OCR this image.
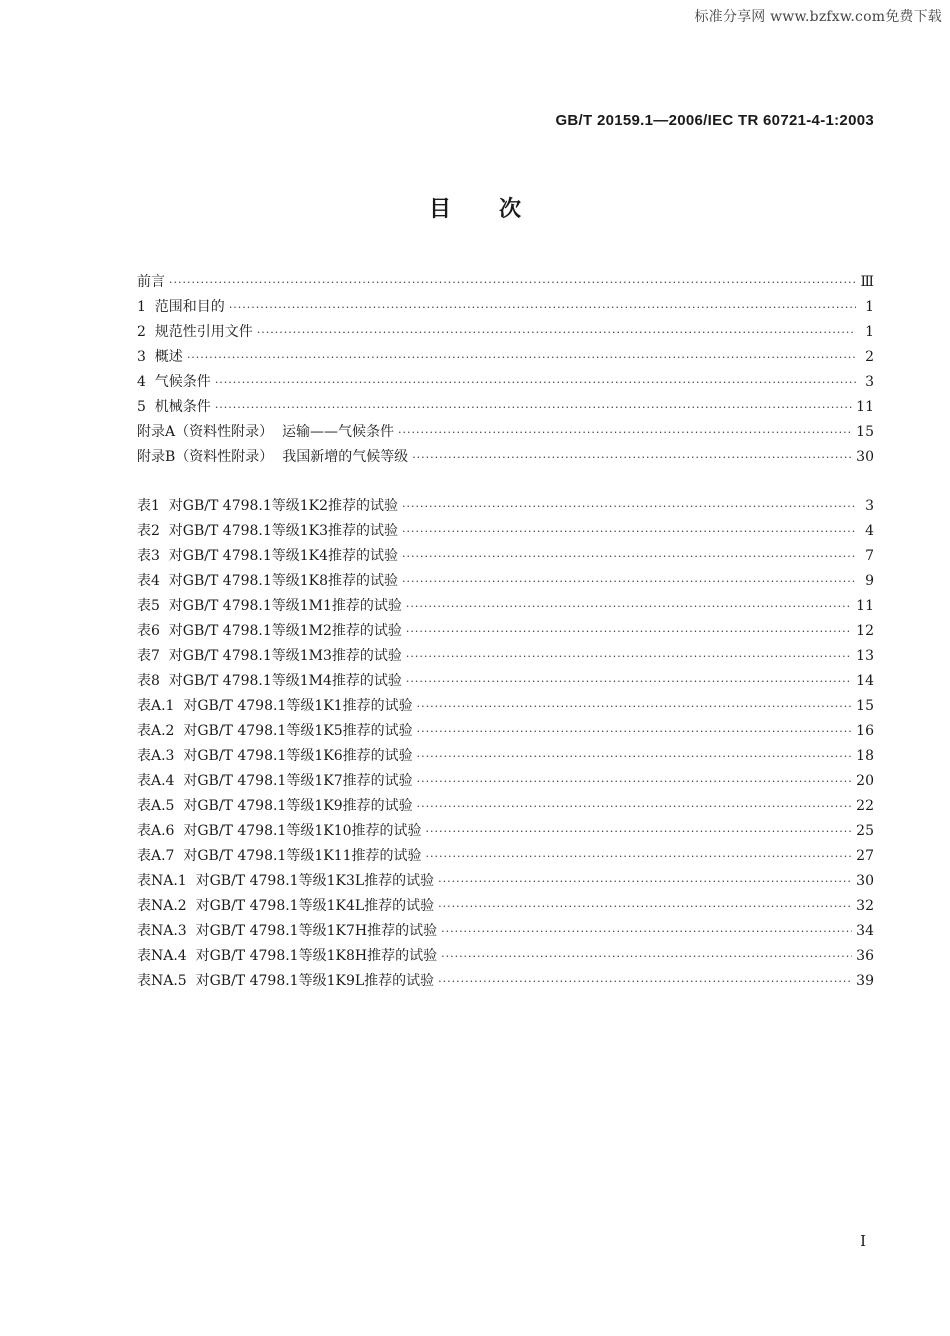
标准分享网 www.bzfxw.com免费下载
GB/T 20159.1—2006/IEC TR 60721-4-1:2003
目次
前言 ·····	Ⅲ
1  范围和目的 ·····	1
2  规范性引用文件 ·····	1
3  概述 ·····	2
4  气候条件 ·····	3
5  机械条件 ·····	11
附录A（资料性附录）  运输——气候条件 ·····	15
附录B（资料性附录）  我国新增的气候等级 ·····	30
表1  对GB/T 4798.1等级1K2推荐的试验 ·····	3
表2  对GB/T 4798.1等级1K3推荐的试验 ·····	4
表3  对GB/T 4798.1等级1K4推荐的试验 ·····	7
表4  对GB/T 4798.1等级1K8推荐的试验 ·····	9
表5  对GB/T 4798.1等级1M1推荐的试验 ·····	11
表6  对GB/T 4798.1等级1M2推荐的试验 ·····	12
表7  对GB/T 4798.1等级1M3推荐的试验 ·····	13
表8  对GB/T 4798.1等级1M4推荐的试验 ·····	14
表A.1  对GB/T 4798.1等级1K1推荐的试验 ·····	15
表A.2  对GB/T 4798.1等级1K5推荐的试验 ·····	16
表A.3  对GB/T 4798.1等级1K6推荐的试验 ·····	18
表A.4  对GB/T 4798.1等级1K7推荐的试验 ·····	20
表A.5  对GB/T 4798.1等级1K9推荐的试验 ·····	22
表A.6  对GB/T 4798.1等级1K10推荐的试验 ·····	25
表A.7  对GB/T 4798.1等级1K11推荐的试验 ·····	27
表NA.1  对GB/T 4798.1等级1K3L推荐的试验 ·····	30
表NA.2  对GB/T 4798.1等级1K4L推荐的试验 ·····	32
表NA.3  对GB/T 4798.1等级1K7H推荐的试验 ·····	34
表NA.4  对GB/T 4798.1等级1K8H推荐的试验 ·····	36
表NA.5  对GB/T 4798.1等级1K9L推荐的试验 ·····	39
Ⅰ
